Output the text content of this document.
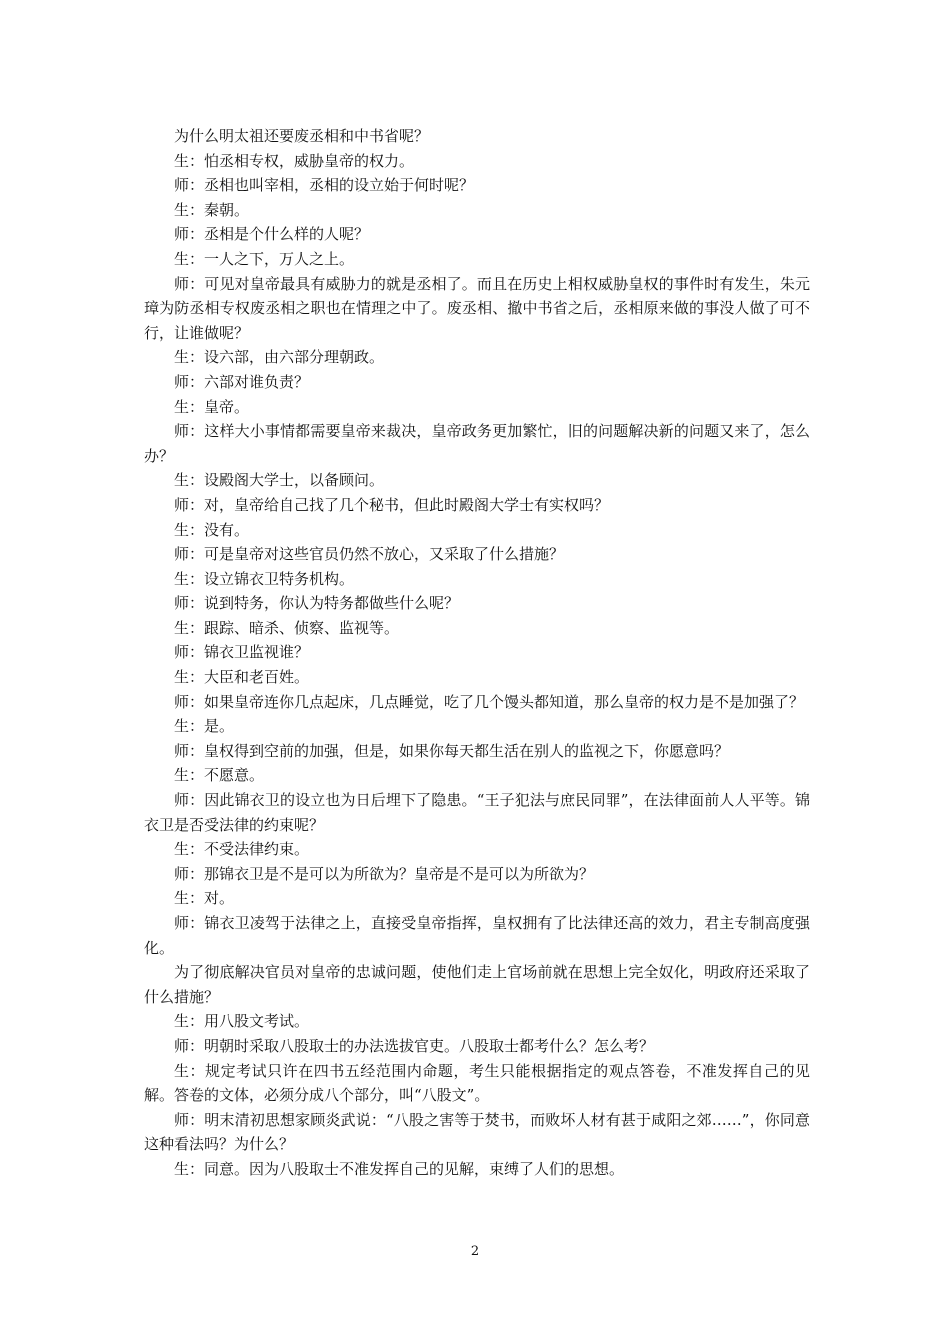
为什么明太祖还要废丞相和中书省呢？

生：怕丞相专权，威胁皇帝的权力。

师：丞相也叫宰相，丞相的设立始于何时呢？

生：秦朝。

师：丞相是个什么样的人呢？

生：一人之下，万人之上。

师：可见对皇帝最具有威胁力的就是丞相了。而且在历史上相权威胁皇权的事件时有发生，朱元璋为防丞相专权废丞相之职也在情理之中了。废丞相、撤中书省之后，丞相原来做的事没人做了可不行，让谁做呢？

生：设六部，由六部分理朝政。

师：六部对谁负责？

生：皇帝。

师：这样大小事情都需要皇帝来裁决，皇帝政务更加繁忙，旧的问题解决新的问题又来了，怎么办？

生：设殿阁大学士，以备顾问。

师：对，皇帝给自己找了几个秘书，但此时殿阁大学士有实权吗？

生：没有。

师：可是皇帝对这些官员仍然不放心，又采取了什么措施？

生：设立锦衣卫特务机构。

师：说到特务，你认为特务都做些什么呢？

生：跟踪、暗杀、侦察、监视等。

师：锦衣卫监视谁？

生：大臣和老百姓。

师：如果皇帝连你几点起床，几点睡觉，吃了几个馒头都知道，那么皇帝的权力是不是加强了？

生：是。

师：皇权得到空前的加强，但是，如果你每天都生活在别人的监视之下，你愿意吗？

生：不愿意。

师：因此锦衣卫的设立也为日后埋下了隐患。“王子犯法与庶民同罪”，在法律面前人人平等。锦衣卫是否受法律的约束呢？

生：不受法律约束。

师：那锦衣卫是不是可以为所欲为？皇帝是不是可以为所欲为？

生：对。

师：锦衣卫凌驾于法律之上，直接受皇帝指挥，皇权拥有了比法律还高的效力，君主专制高度强化。

为了彻底解决官员对皇帝的忠诚问题，使他们走上官场前就在思想上完全奴化，明政府还采取了什么措施？

生：用八股文考试。

师：明朝时采取八股取士的办法选拔官吏。八股取士都考什么？怎么考？

生：规定考试只许在四书五经范围内命题，考生只能根据指定的观点答卷，不准发挥自己的见解。答卷的文体，必须分成八个部分，叫“八股文”。

师：明末清初思想家顾炎武说：“八股之害等于焚书，而败坏人材有甚于咸阳之郊……”，你同意这种看法吗？为什么？

生：同意。因为八股取士不准发挥自己的见解，束缚了人们的思想。

2
